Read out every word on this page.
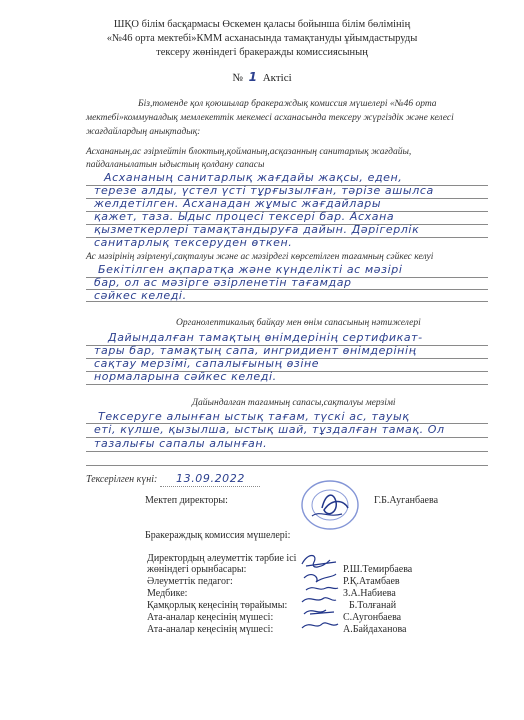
ШҚО білім басқармасы Өскемен қаласы бойынша білім бөлімінің
«№46 орта мектебі»КММ асханасында тамақтануды ұйымдастыруды
тексеру жөніндегі бракеражды комиссиясының
№ 1 Актісі
Біз,томенде қол қоюшылар бракераждық комиссия мүшелері «№46 орта
мектебі»коммуналдық мемлекеттік мекемесі асханасында тексеру жүргіздік және келесі
жағдайлардың анықтадық:
Асхананың,ас әзірлейтін блоктың,қойманың,асқазанның санитарлық жағдайы,
пайдаланылатын ыдыстың қолдану сапасы
Асхананың санитарлық жағдайы жақсы, еден,
терезе алды, үстел үсті тұрғызылған, тәрізе ашылса
желдетілген. Асханадан жұмыс жағдайлары
қажет, таза. Ыдыс процесі тексері бар. Асхана
қызметкерлері тамақтандыруға дайын. Дәрігерлік
санитарлық тексеруден өткен.
Ас мәзірінің әзірленуі,сақталуы және ас мәзірдегі көрсетілген тағамның сәйкес келуі
Бекітілген ақпаратқа және күнделікті ас мәзірі
бар, ол ас мәзірге әзірленетін тағамдар
сәйкес келеді.
Органолептикалық байқау мен өнім сапасының нәтижелері
Дайындалған тамақтың өнімдерінің сертификат-
тары бар, тамақтың сапа, ингридиент өнімдерінің
сақтау мерзімі, сапалығының өзіне
нормаларына сәйкес келеді.
Дайындалған тағамның сапасы,сақталуы мерзімі
Тексеруге алынған ыстық тағам, түскі ас, тауық
еті, күлше, қызылша, ыстық шай, тұздалған тамақ. Ол
тазалығы сапалы алынған.
Тексерілген күні: 13.09.2022
Мектеп директоры:	Г.Б.Ауганбаева
Бракераждық комиссия мүшелері:
Директордың әлеуметтік тәрбие ісі
жөніндегі орынбасары:	Р.Ш.Темирбаева
Әлеуметтік педагог:	Р.Қ.Атамбаев
Медбике:	З.А.Набиева
Қамқорлық кеңесінің төрайымы:	Б.Толғанай
Ата-аналар кеңесінің мүшесі:	С.Аугонбаева
Ата-аналар кеңесінің мүшесі:	А.Байдаханова
